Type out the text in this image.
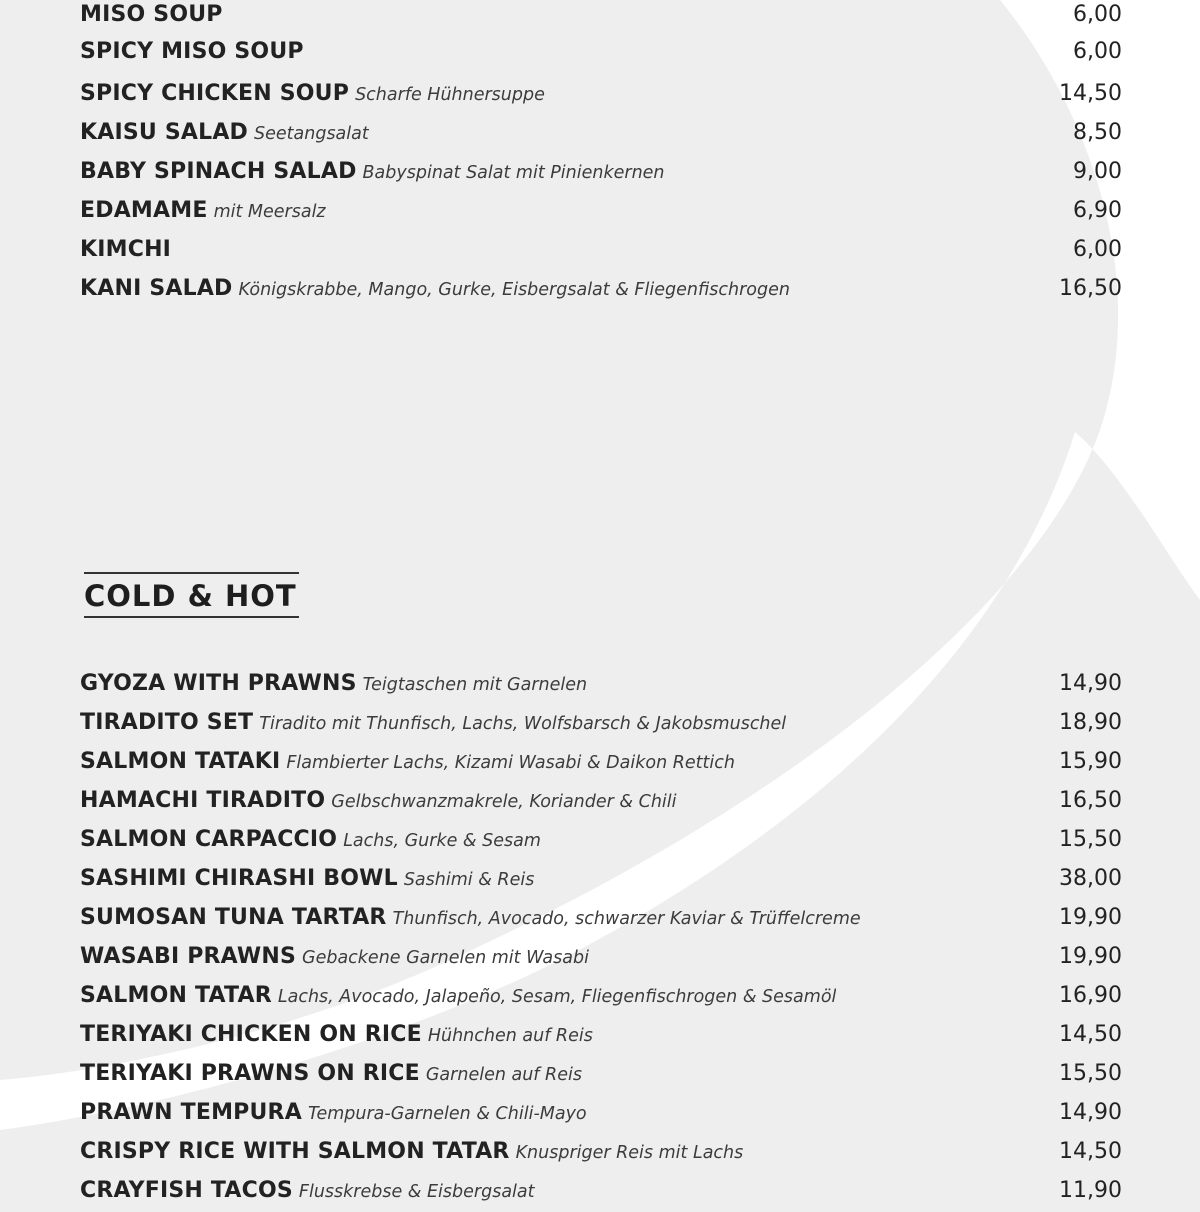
MISO SOUP	6,00
SPICY MISO SOUP	6,00
SPICY CHICKEN SOUP Scharfe Hühnersuppe	14,50
KAISU SALAD Seetangsalat	8,50
BABY SPINACH SALAD Babyspinat Salat mit Pinienkernen	9,00
EDAMAME mit Meersalz	6,90
KIMCHI	6,00
KANI SALAD Königskrabbe, Mango, Gurke, Eisbergsalat & Fliegenfischrogen	16,50
COLD & HOT
GYOZA WITH PRAWNS Teigtaschen mit Garnelen	14,90
TIRADITO SET Tiradito mit Thunfisch, Lachs, Wolfsbarsch & Jakobsmuschel	18,90
SALMON TATAKI Flambierter Lachs, Kizami Wasabi & Daikon Rettich	15,90
HAMACHI TIRADITO Gelbschwanzmakrele, Koriander & Chili	16,50
SALMON CARPACCIO Lachs, Gurke & Sesam	15,50
SASHIMI CHIRASHI BOWL Sashimi & Reis	38,00
SUMOSAN TUNA TARTAR Thunfisch, Avocado, schwarzer Kaviar & Trüffelcreme	19,90
WASABI PRAWNS Gebackene Garnelen mit Wasabi	19,90
SALMON TATAR Lachs, Avocado, Jalapeño, Sesam, Fliegenfischrogen & Sesamöl	16,90
TERIYAKI CHICKEN ON RICE Hühnchen auf Reis	14,50
TERIYAKI PRAWNS ON RICE Garnelen auf Reis	15,50
PRAWN TEMPURA Tempura-Garnelen & Chili-Mayo	14,90
CRISPY RICE WITH SALMON TATAR Knuspriger Reis mit Lachs	14,50
CRAYFISH TACOS Flusskrebse & Eisbergsalat	11,90
